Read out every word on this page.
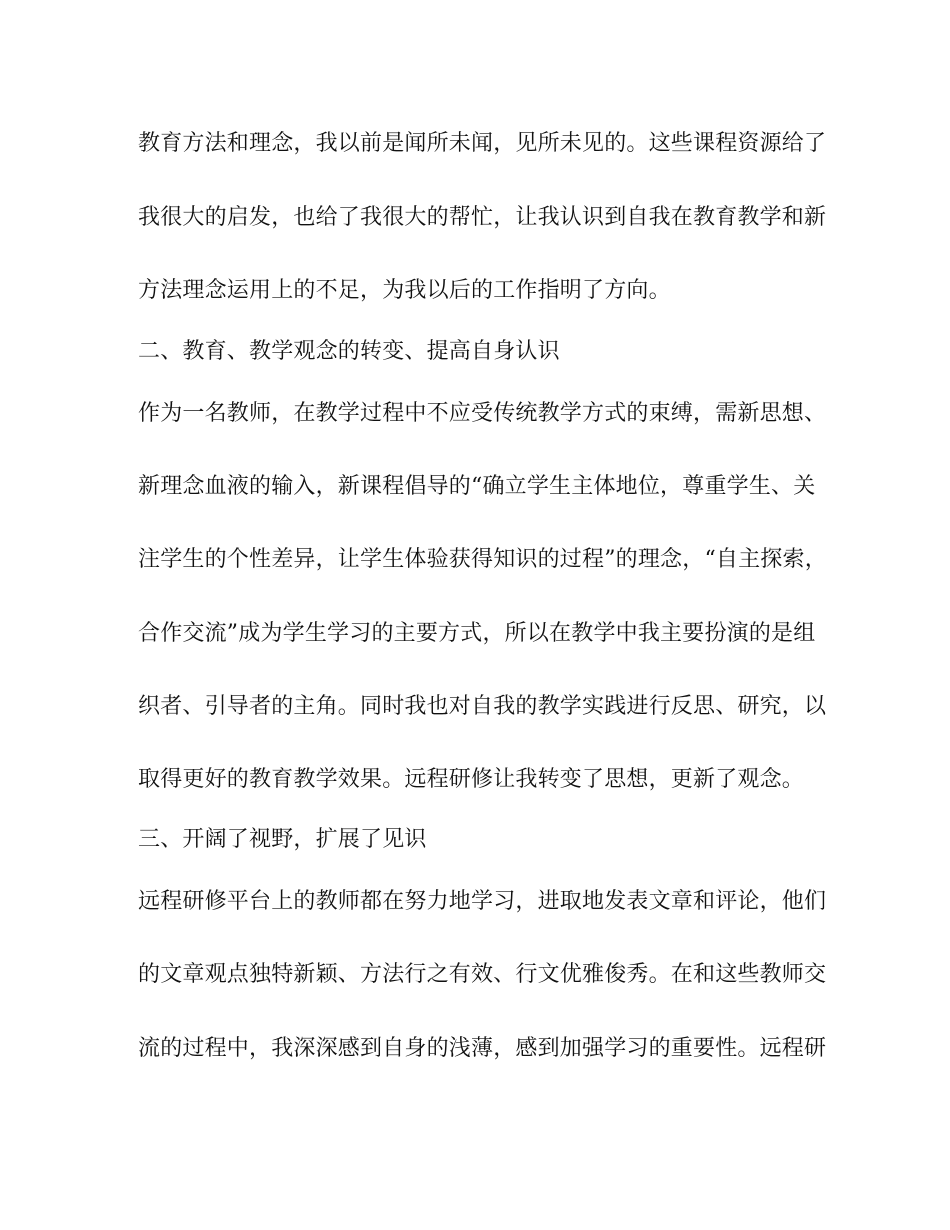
教育方法和理念，我以前是闻所未闻，见所未见的。这些课程资源给了
我很大的启发，也给了我很大的帮忙，让我认识到自我在教育教学和新
方法理念运用上的不足，为我以后的工作指明了方向。
二、教育、教学观念的转变、提高自身认识
作为一名教师，在教学过程中不应受传统教学方式的束缚，需新思想、
新理念血液的输入，新课程倡导的“确立学生主体地位，尊重学生、关
注学生的个性差异，让学生体验获得知识的过程”的理念，“自主探索，
合作交流”成为学生学习的主要方式，所以在教学中我主要扮演的是组
织者、引导者的主角。同时我也对自我的教学实践进行反思、研究，以
取得更好的教育教学效果。远程研修让我转变了思想，更新了观念。
三、开阔了视野，扩展了见识
远程研修平台上的教师都在努力地学习，进取地发表文章和评论，他们
的文章观点独特新颖、方法行之有效、行文优雅俊秀。在和这些教师交
流的过程中，我深深感到自身的浅薄，感到加强学习的重要性。远程研
